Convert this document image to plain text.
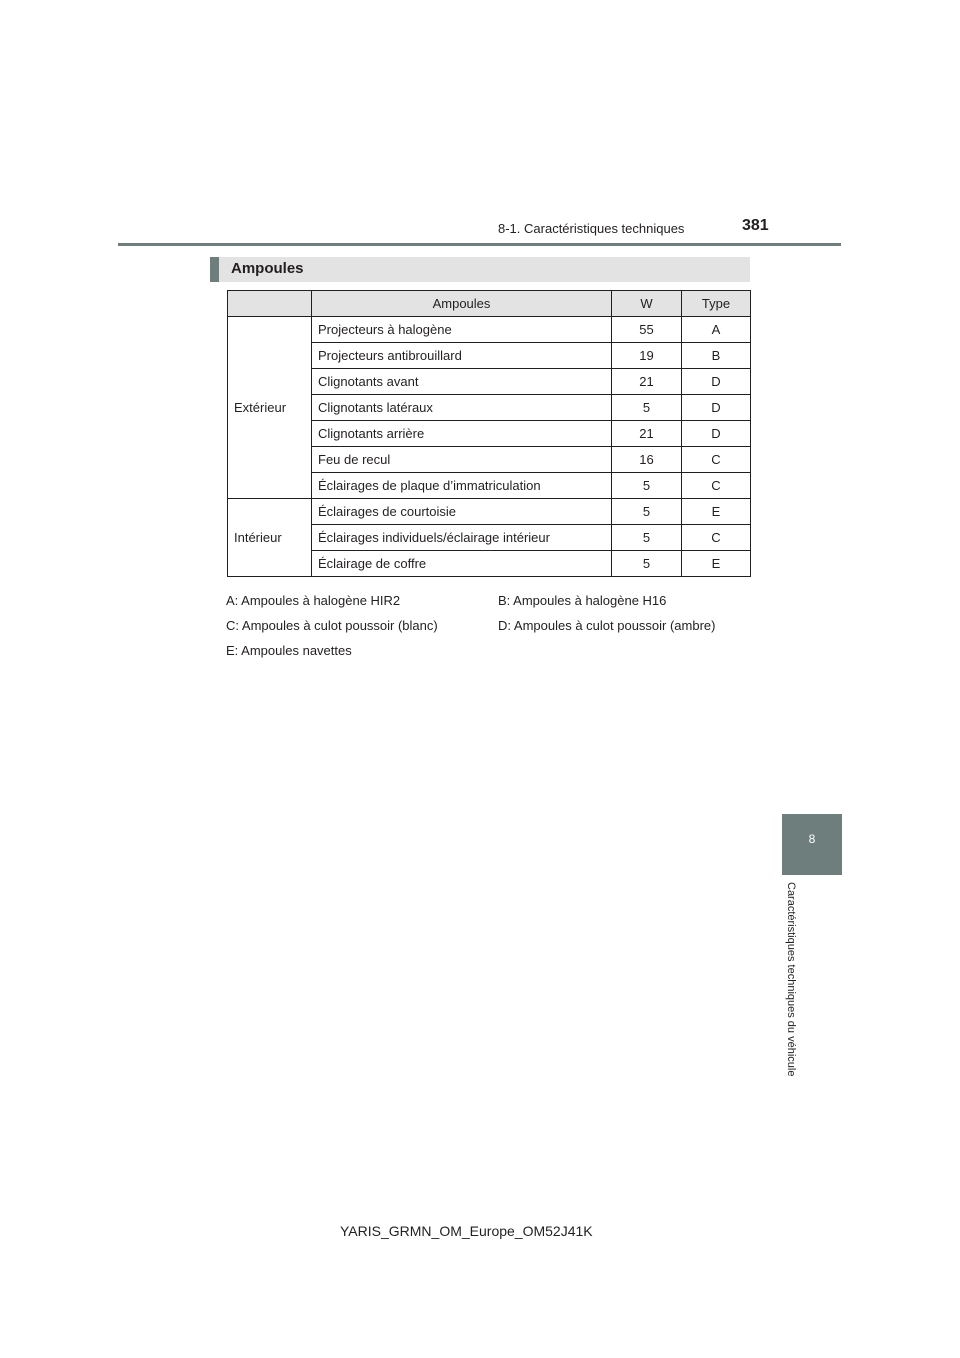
8-1. Caractéristiques techniques	381
Ampoules
	Ampoules	W	Type
Extérieur	Projecteurs à halogène	55	A
	Projecteurs antibrouillard	19	B
	Clignotants avant	21	D
	Clignotants latéraux	5	D
	Clignotants arrière	21	D
	Feu de recul	16	C
	Éclairages de plaque d’immatriculation	5	C
Intérieur	Éclairages de courtoisie	5	E
	Éclairages individuels/éclairage intérieur	5	C
	Éclairage de coffre	5	E
A: Ampoules à halogène HIR2	B: Ampoules à halogène H16
C: Ampoules à culot poussoir (blanc)	D: Ampoules à culot poussoir (ambre)
E: Ampoules navettes
8
Caractéristiques techniques du véhicule
YARIS_GRMN_OM_Europe_OM52J41K
